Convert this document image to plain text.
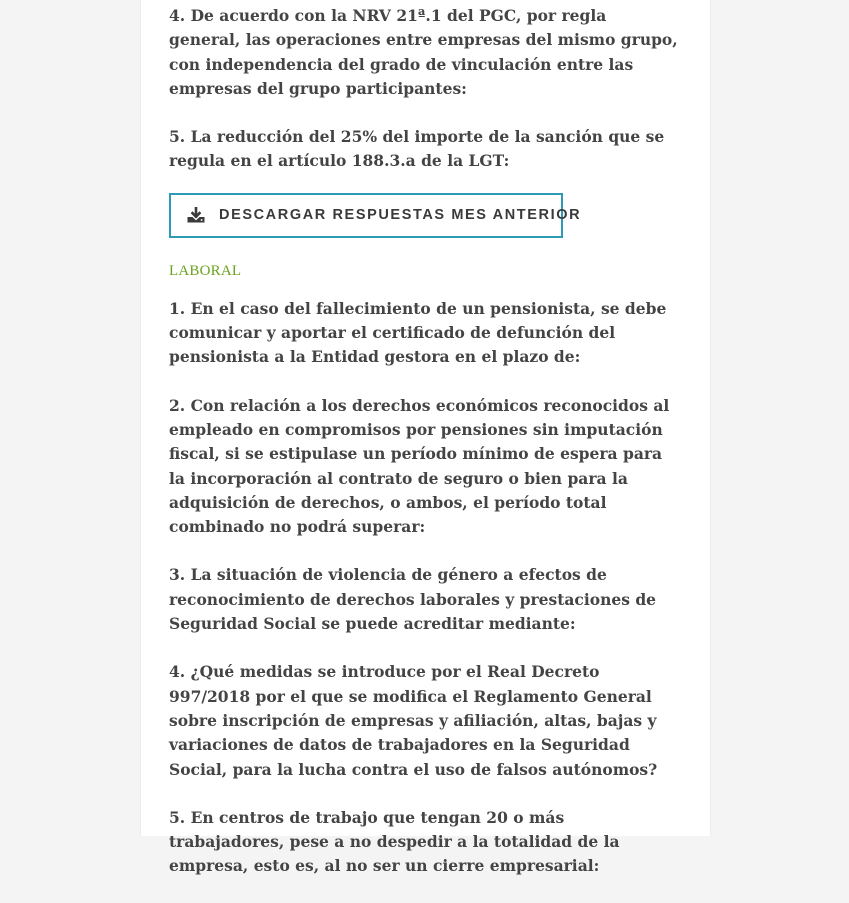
4. De acuerdo con la NRV 21ª.1 del PGC, por regla general, las operaciones entre empresas del mismo grupo, con independencia del grado de vinculación entre las empresas del grupo participantes:

5. La reducción del 25% del importe de la sanción que se regula en el artículo 188.3.a de la LGT:

DESCARGAR RESPUESTAS MES ANTERIOR
LABORAL

1. En el caso del fallecimiento de un pensionista, se debe comunicar y aportar el certificado de defunción del pensionista a la Entidad gestora en el plazo de:

2. Con relación a los derechos económicos reconocidos al empleado en compromisos por pensiones sin imputación fiscal, si se estipulase un período mínimo de espera para la incorporación al contrato de seguro o bien para la adquisición de derechos, o ambos, el período total combinado no podrá superar:

3. La situación de violencia de género a efectos de reconocimiento de derechos laborales y prestaciones de Seguridad Social se puede acreditar mediante:

4. ¿Qué medidas se introduce por el Real Decreto 997/2018 por el que se modifica el Reglamento General sobre inscripción de empresas y afiliación, altas, bajas y variaciones de datos de trabajadores en la Seguridad Social, para la lucha contra el uso de falsos autónomos?

5. En centros de trabajo que tengan 20 o más trabajadores, pese a no despedir a la totalidad de la empresa, esto es, al no ser un cierre empresarial:
